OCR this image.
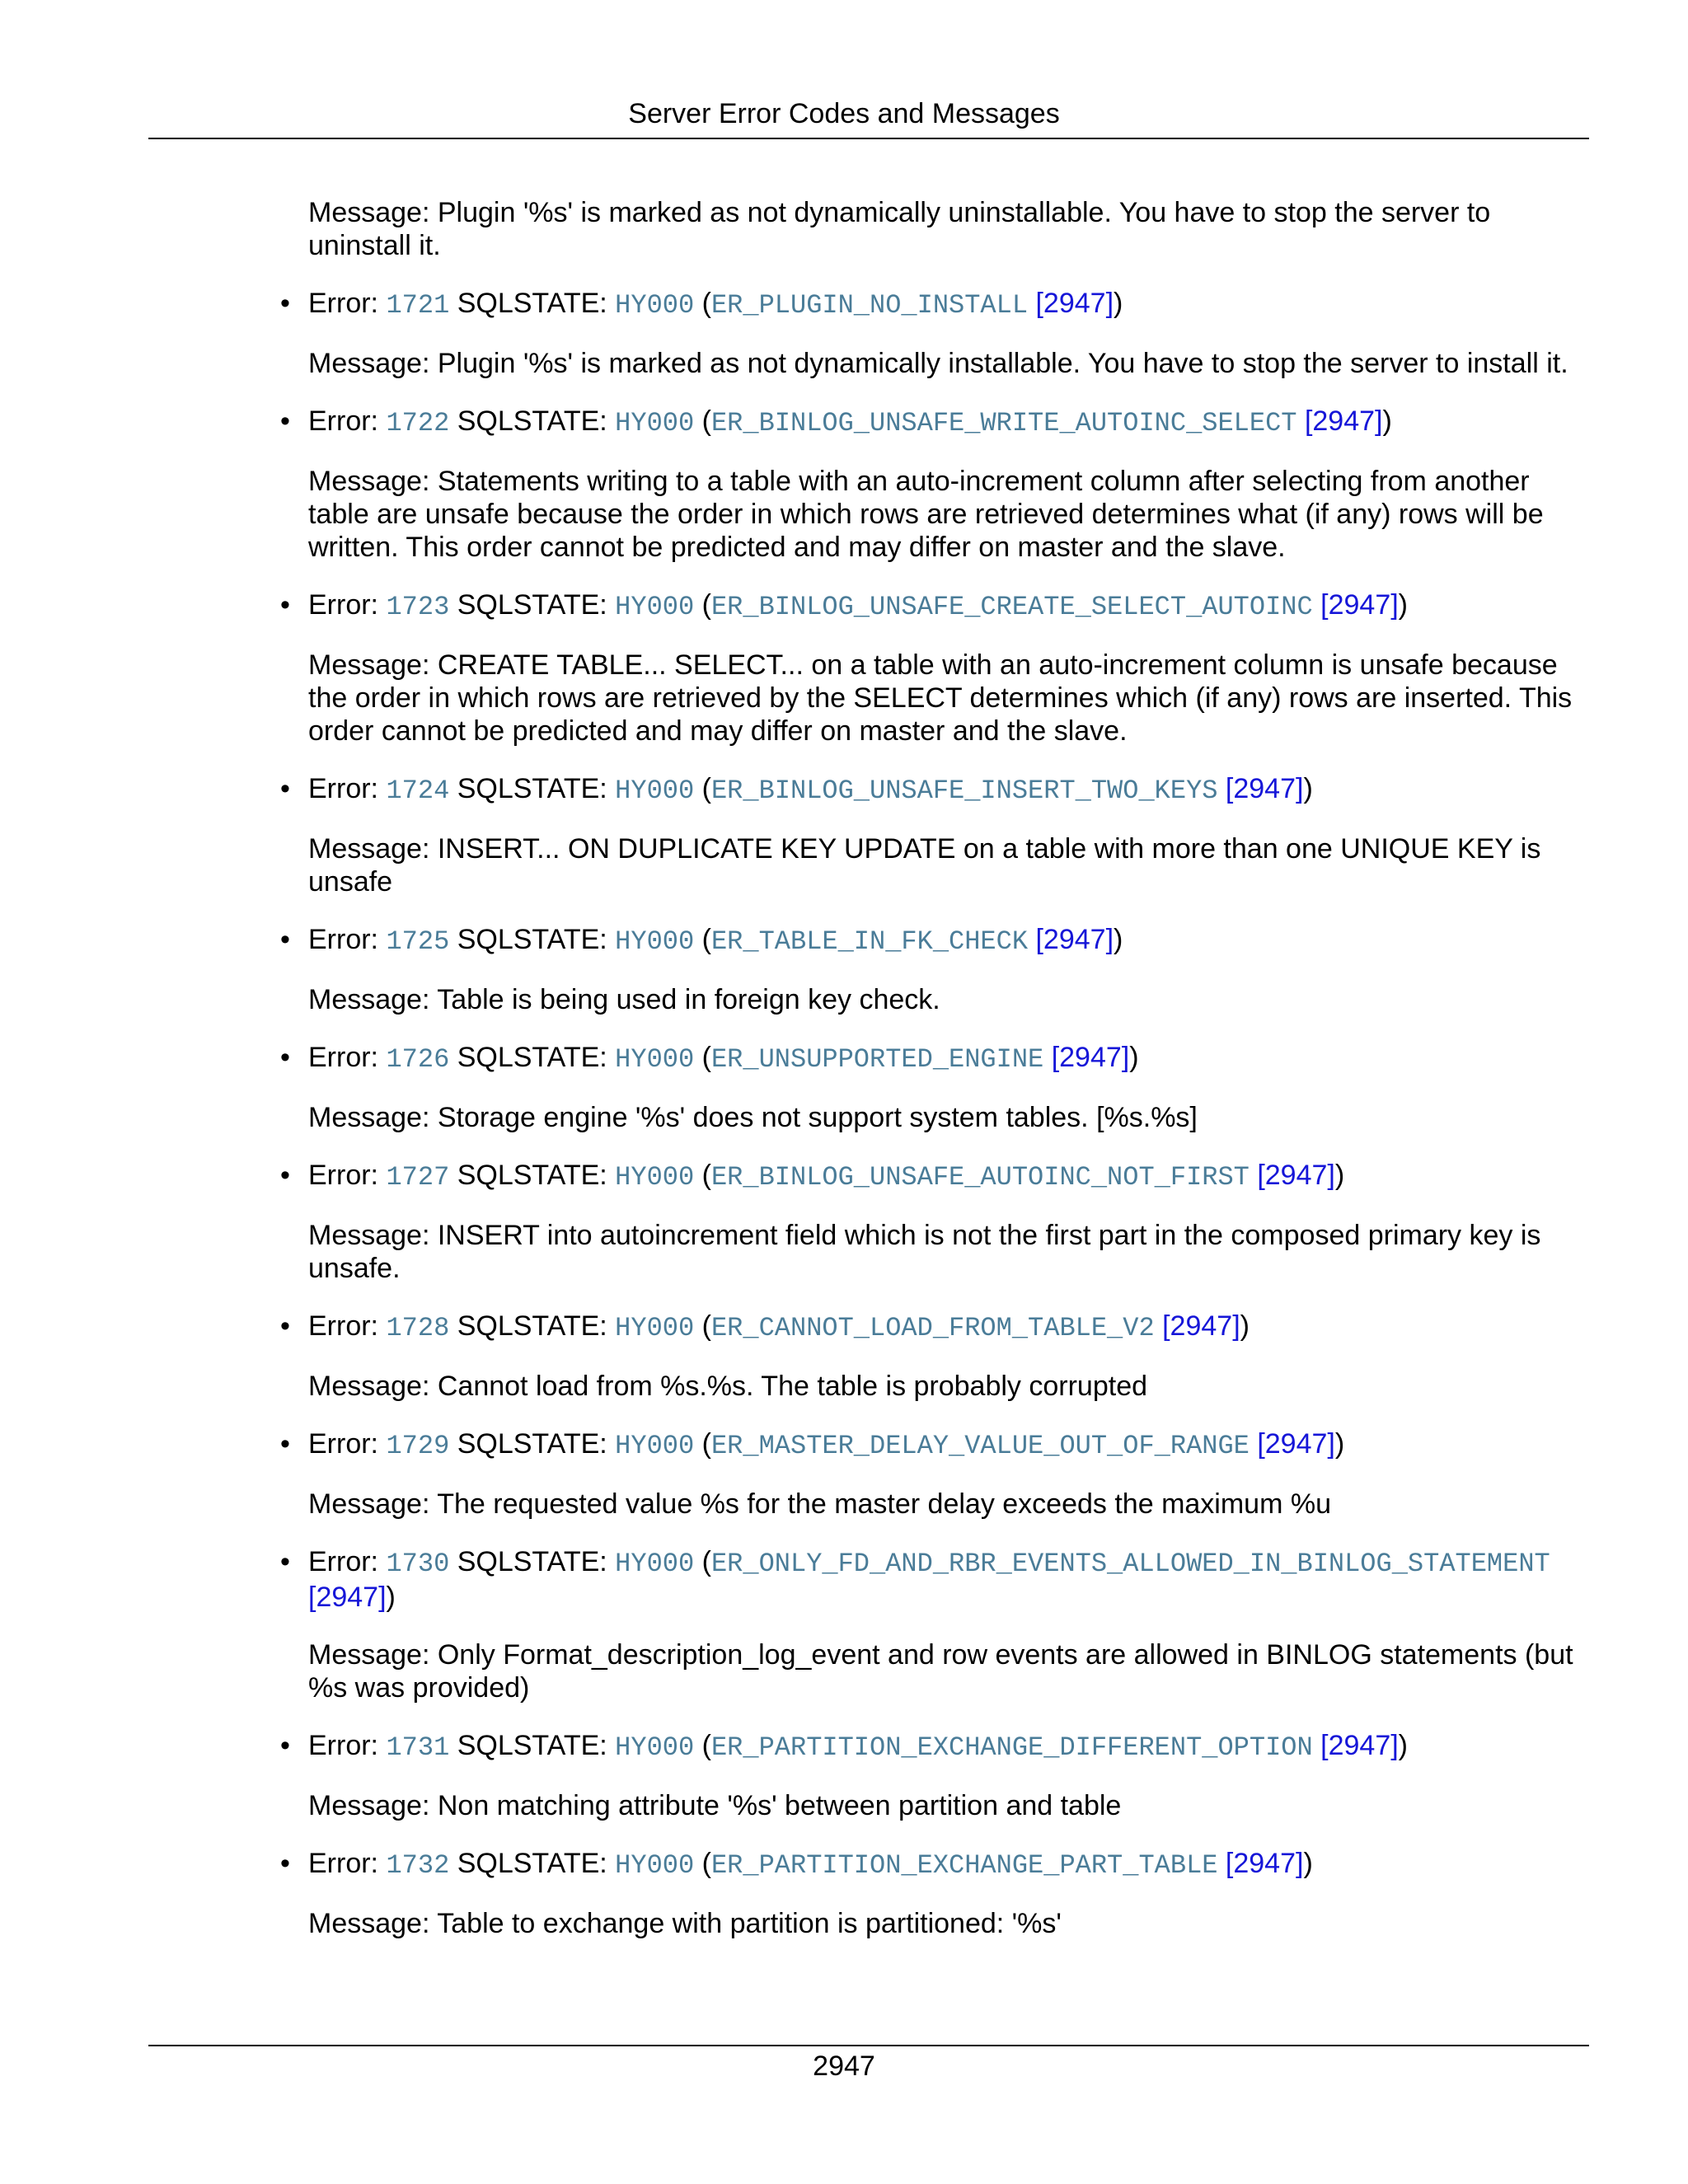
Server Error Codes and Messages

Message: Plugin '%s' is marked as not dynamically uninstallable. You have to stop the server to uninstall it.

• Error: 1721 SQLSTATE: HY000 (ER_PLUGIN_NO_INSTALL [2947])

Message: Plugin '%s' is marked as not dynamically installable. You have to stop the server to install it.

• Error: 1722 SQLSTATE: HY000 (ER_BINLOG_UNSAFE_WRITE_AUTOINC_SELECT [2947])

Message: Statements writing to a table with an auto-increment column after selecting from another table are unsafe because the order in which rows are retrieved determines what (if any) rows will be written. This order cannot be predicted and may differ on master and the slave.

• Error: 1723 SQLSTATE: HY000 (ER_BINLOG_UNSAFE_CREATE_SELECT_AUTOINC [2947])

Message: CREATE TABLE... SELECT... on a table with an auto-increment column is unsafe because the order in which rows are retrieved by the SELECT determines which (if any) rows are inserted. This order cannot be predicted and may differ on master and the slave.

• Error: 1724 SQLSTATE: HY000 (ER_BINLOG_UNSAFE_INSERT_TWO_KEYS [2947])

Message: INSERT... ON DUPLICATE KEY UPDATE on a table with more than one UNIQUE KEY is unsafe

• Error: 1725 SQLSTATE: HY000 (ER_TABLE_IN_FK_CHECK [2947])

Message: Table is being used in foreign key check.

• Error: 1726 SQLSTATE: HY000 (ER_UNSUPPORTED_ENGINE [2947])

Message: Storage engine '%s' does not support system tables. [%s.%s]

• Error: 1727 SQLSTATE: HY000 (ER_BINLOG_UNSAFE_AUTOINC_NOT_FIRST [2947])

Message: INSERT into autoincrement field which is not the first part in the composed primary key is unsafe.

• Error: 1728 SQLSTATE: HY000 (ER_CANNOT_LOAD_FROM_TABLE_V2 [2947])

Message: Cannot load from %s.%s. The table is probably corrupted

• Error: 1729 SQLSTATE: HY000 (ER_MASTER_DELAY_VALUE_OUT_OF_RANGE [2947])

Message: The requested value %s for the master delay exceeds the maximum %u

• Error: 1730 SQLSTATE: HY000 (ER_ONLY_FD_AND_RBR_EVENTS_ALLOWED_IN_BINLOG_STATEMENT [2947])

Message: Only Format_description_log_event and row events are allowed in BINLOG statements (but %s was provided)

• Error: 1731 SQLSTATE: HY000 (ER_PARTITION_EXCHANGE_DIFFERENT_OPTION [2947])

Message: Non matching attribute '%s' between partition and table

• Error: 1732 SQLSTATE: HY000 (ER_PARTITION_EXCHANGE_PART_TABLE [2947])

Message: Table to exchange with partition is partitioned: '%s'

2947
